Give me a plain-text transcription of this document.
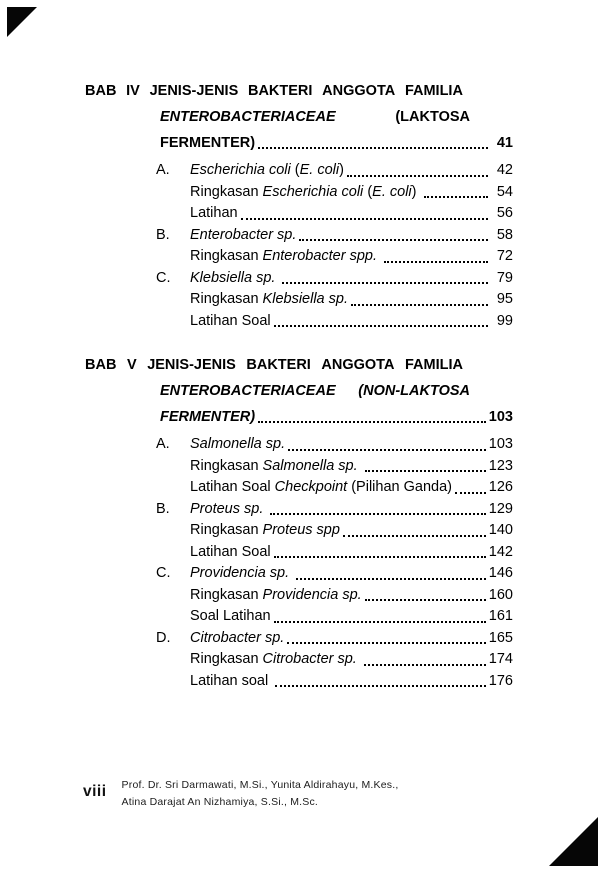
BAB IV JENIS-JENIS BAKTERI ANGGOTA FAMILIA
ENTEROBACTERIACEAE	(LAKTOSA
FERMENTER)	41
A.	Escherichia coli (E. coli)	42
Ringkasan Escherichia coli (E. coli)	54
Latihan	56
B.	Enterobacter sp.	58
Ringkasan Enterobacter spp.	72
C.	Klebsiella sp.	79
Ringkasan Klebsiella sp.	95
Latihan Soal	99
BAB V JENIS-JENIS BAKTERI ANGGOTA FAMILIA
ENTEROBACTERIACEAE (NON-LAKTOSA
FERMENTER)	103
A.	Salmonella sp.	103
Ringkasan Salmonella sp.	123
Latihan Soal Checkpoint (Pilihan Ganda)	126
B.	Proteus sp.	129
Ringkasan Proteus spp	140
Latihan Soal	142
C.	Providencia sp.	146
Ringkasan Providencia sp.	160
Soal Latihan	161
D.	Citrobacter sp.	165
Ringkasan Citrobacter sp.	174
Latihan soal	176
viii Prof. Dr. Sri Darmawati, M.Si., Yunita Aldirahayu, M.Kes.,
Atina Darajat An Nizhamiya, S.Si., M.Sc.
